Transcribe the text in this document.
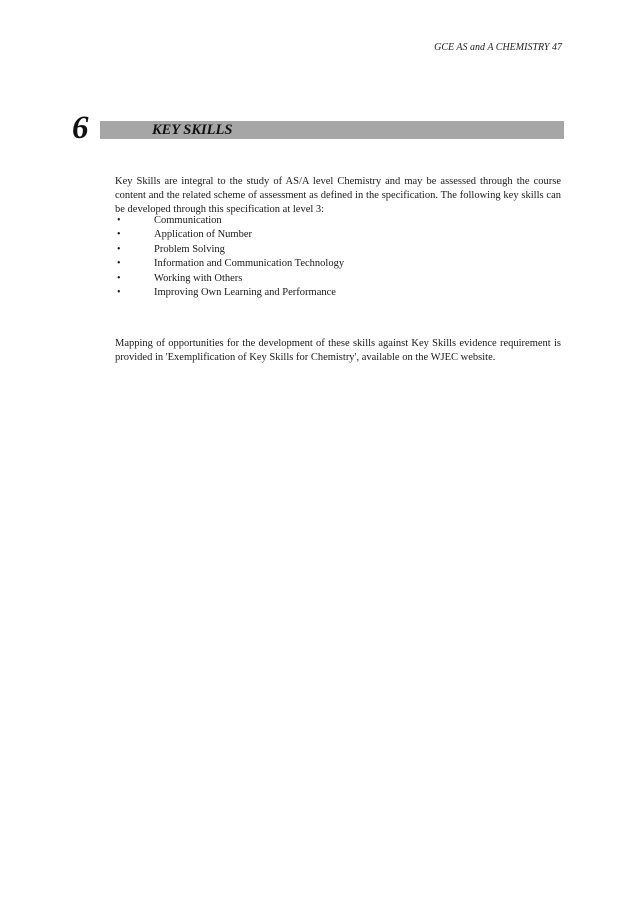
GCE AS and A CHEMISTRY 47
6	KEY SKILLS

Key Skills are integral to the study of AS/A level Chemistry and may be assessed through the course content and the related scheme of assessment as defined in the specification. The following key skills can be developed through this specification at level 3:

•	Communication
•	Application of Number
•	Problem Solving
•	Information and Communication Technology
•	Working with Others
•	Improving Own Learning and Performance

Mapping of opportunities for the development of these skills against Key Skills evidence requirement is provided in 'Exemplification of Key Skills for Chemistry', available on the WJEC website.
